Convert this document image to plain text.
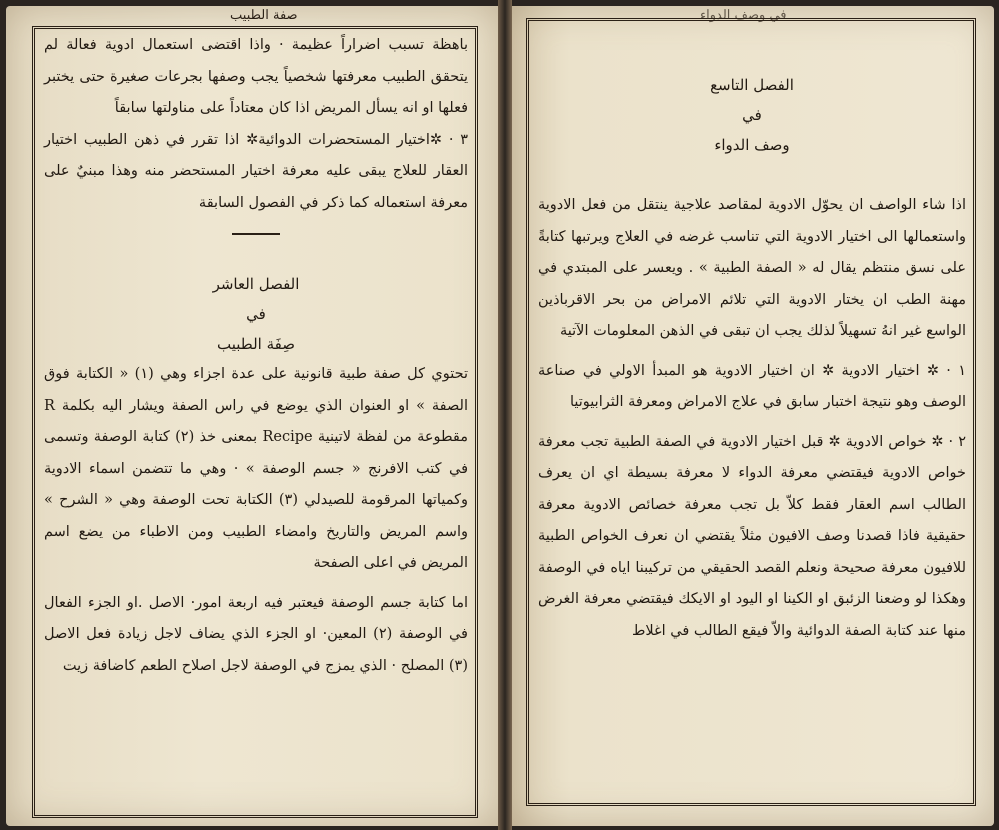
صفة الطبيب	في وصف الدواء

باهظة تسبب اضراراً عظيمة · واذا اقتضى استعمال ادوية فعالة لم يتحقق الطبيب معرفتها شخصياً يجب وصفها بجرعات صغيرة حتى يختبر فعلها او انه يسأل المريض اذا كان معتاداً على مناولتها سابقاً

٣ · ✲اختيار المستحضرات الدوائية✲ اذا تقرر في ذهن الطبيب اختيار العقار للعلاج يبقى عليه معرفة اختيار المستحضر منه وهذا مبنيٌ على معرفة استعماله كما ذكر في الفصول السابقة

الفصل العاشر

في

صِفَة الطبيب

تحتوي كل صفة طبية قانونية على عدة اجزاء وهي (١) « الكتابة فوق الصفة » او العنوان الذي يوضع في راس الصفة ويشار اليه بكلمة R مقطوعة من لفظة لاتينية Recipe بمعنى خذ (٢) كتابة الوصفة وتسمى في كتب الافرنج « جسم الوصفة » · وهي ما تتضمن اسماء الادوية وكمياتها المرقومة للصيدلي (٣) الكتابة تحت الوصفة وهي « الشرح » واسم المريض والتاريخ وامضاء الطبيب ومن الاطباء من يضع اسم المريض في اعلى الصفحة

اما كتابة جسم الوصفة فيعتبر فيه اربعة امور· الاصل .او الجزء الفعال في الوصفة (٢) المعين· او الجزء الذي يضاف لاجل زيادة فعل الاصل (٣) المصلح · الذي يمزج في الوصفة لاجل اصلاح الطعم كاضافة زيت

الفصل التاسع

في

وصف الدواء

اذا شاء الواصف ان يحوّل الادوية لمقاصد علاجية ينتقل من فعل الادوية واستعمالها الى اختيار الادوية التي تناسب غرضه في العلاج ويرتبها كتابةً على نسق منتظم يقال له « الصفة الطبية » . ويعسر على المبتدي في مهنة الطب ان يختار الادوية التي تلائم الامراض من بحر الاقرباذين الواسع غير انهُ تسهيلاً لذلك يجب ان تبقى في الذهن المعلومات الآتية

١ · ✲ اختيار الادوية ✲ ان اختيار الادوية هو المبدأ الاولي في صناعة الوصف وهو نتيجة اختبار سابق في علاج الامراض ومعرفة الثرابيوتيا

٢ · ✲ خواص الادوية ✲ قبل اختيار الادوية في الصفة الطبية تجب معرفة خواص الادوية فيقتضي معرفة الدواء لا معرفة بسيطة اي ان يعرف الطالب اسم العقار فقط كلاّ بل تجب معرفة خصائص الادوية معرفة حقيقية فاذا قصدنا وصف الافيون مثلاً يقتضي ان نعرف الخواص الطبية للافيون معرفة صحيحة ونعلم القصد الحقيقي من تركيبنا اياه في الوصفة وهكذا لو وضعنا الزئبق او الكينا او اليود او الايكك فيقتضي معرفة الغرض منها عند كتابة الصفة الدوائية والاّ فيقع الطالب في اغلاط
